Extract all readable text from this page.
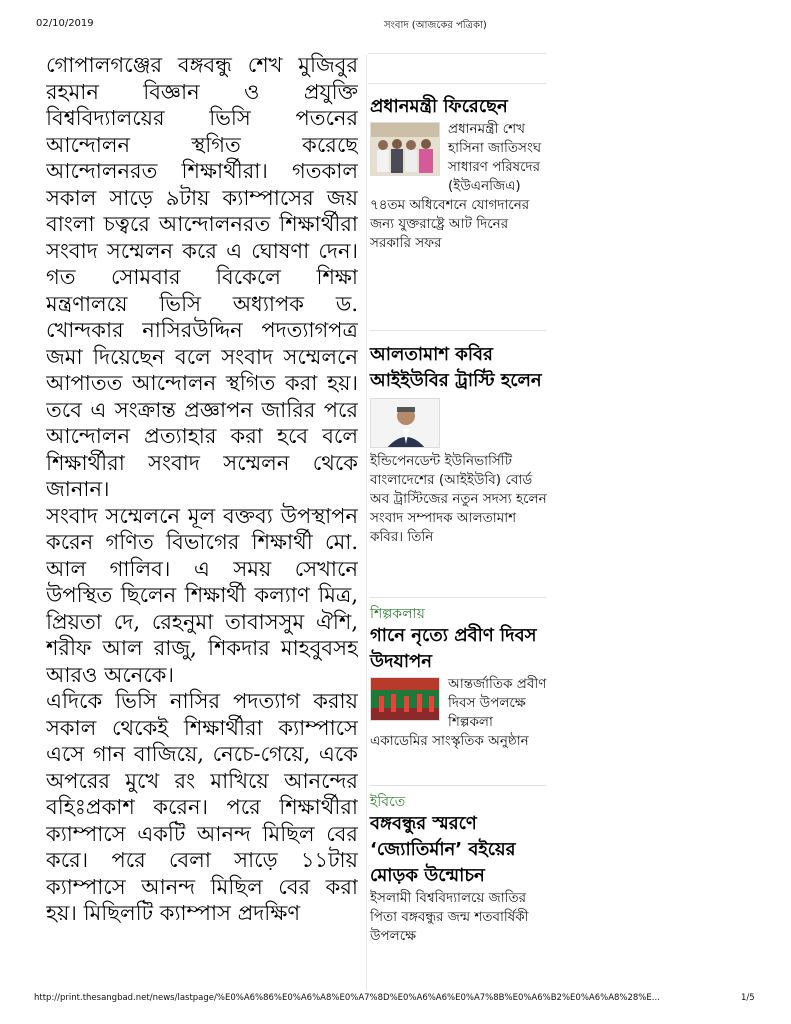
02/10/2019	সংবাদ (আজকের পত্রিকা)

গোপালগঞ্জের বঙ্গবন্ধু শেখ মুজিবুর রহমান বিজ্ঞান ও প্রযুক্তি বিশ্ববিদ্যালয়ের ভিসি পতনের আন্দোলন স্থগিত করেছে আন্দোলনরত শিক্ষার্থীরা। গতকাল সকাল সাড়ে ৯টায় ক্যাম্পাসের জয় বাংলা চত্বরে আন্দোলনরত শিক্ষার্থীরা সংবাদ সম্মেলন করে এ ঘোষণা দেন। গত সোমবার বিকেলে শিক্ষা মন্ত্রণালয়ে ভিসি অধ্যাপক ড. খোন্দকার নাসিরউদ্দিন পদত্যাগপত্র জমা দিয়েছেন বলে সংবাদ সম্মেলনে আপাতত আন্দোলন স্থগিত করা হয়। তবে এ সংক্রান্ত প্রজ্ঞাপন জারির পরে আন্দোলন প্রত্যাহার করা হবে বলে শিক্ষার্থীরা সংবাদ সম্মেলন থেকে জানান।

সংবাদ সম্মেলনে মূল বক্তব্য উপস্থাপন করেন গণিত বিভাগের শিক্ষার্থী মো. আল গালিব। এ সময় সেখানে উপস্থিত ছিলেন শিক্ষার্থী কল্যাণ মিত্র, প্রিয়তা দে, রেহনুমা তাবাসসুম ঐশি, শরীফ আল রাজু, শিকদার মাহবুবসহ আরও অনেকে।

এদিকে ভিসি নাসির পদত্যাগ করায় সকাল থেকেই শিক্ষার্থীরা ক্যাম্পাসে এসে গান বাজিয়ে, নেচে-গেয়ে, একে অপরের মুখে রং মাখিয়ে আনন্দের বহিঃপ্রকাশ করেন। পরে শিক্ষার্থীরা ক্যাম্পাসে একটি আনন্দ মিছিল বের করে। পরে বেলা সাড়ে ১১টায় ক্যাম্পাসে আনন্দ মিছিল বের করা হয়। মিছিলটি ক্যাম্পাস প্রদক্ষিণ

প্রধানমন্ত্রী ফিরেছেন
প্রধানমন্ত্রী শেখ হাসিনা জাতিসংঘ সাধারণ পরিষদের (ইউএনজিএ) ৭৪তম অধিবেশনে যোগদানের জন্য যুক্তরাষ্ট্রে আট দিনের সরকারি সফর
আলতামাশ কবির আইইউবির ট্রাস্টি হলেন
ইন্ডিপেনডেন্ট ইউনিভার্সিটি বাংলাদেশের (আইইউবি) বোর্ড অব ট্রাস্টিজের নতুন সদস্য হলেন সংবাদ সম্পাদক আলতামাশ কবির। তিনি
শিল্পকলায়
গানে নৃত্যে প্রবীণ দিবস উদযাপন
আন্তর্জাতিক প্রবীণ দিবস উপলক্ষে শিল্পকলা একাডেমির সাংস্কৃতিক অনুষ্ঠান
ইবিতে
বঙ্গবন্ধুর স্মরণে ‘জ্যোতির্মান’ বইয়ের মোড়ক উন্মোচন
ইসলামী বিশ্ববিদ্যালয়ে জাতির পিতা বঙ্গবন্ধুর জন্ম শতবার্ষিকী উপলক্ষে
http://print.thesangbad.net/news/lastpage/%E0%A6%86%E0%A6%A8%E0%A7%8D%E0%A6%A6%E0%A7%8B%E0%A6%B2%E0%A6%A8%28%E...	1/5
